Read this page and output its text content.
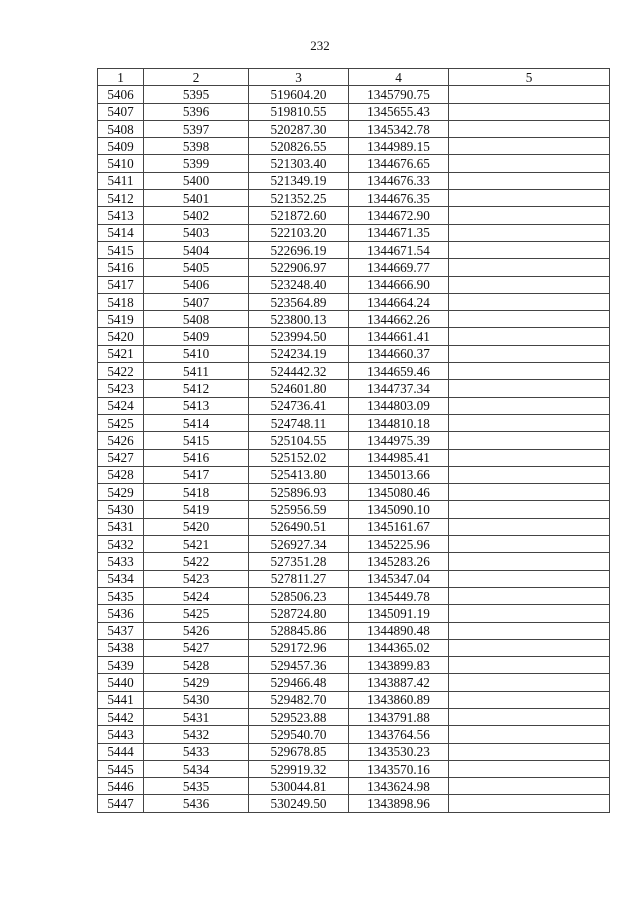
232
1	2	3	4	5
5406	5395	519604.20	1345790.75	
5407	5396	519810.55	1345655.43	
5408	5397	520287.30	1345342.78	
5409	5398	520826.55	1344989.15	
5410	5399	521303.40	1344676.65	
5411	5400	521349.19	1344676.33	
5412	5401	521352.25	1344676.35	
5413	5402	521872.60	1344672.90	
5414	5403	522103.20	1344671.35	
5415	5404	522696.19	1344671.54	
5416	5405	522906.97	1344669.77	
5417	5406	523248.40	1344666.90	
5418	5407	523564.89	1344664.24	
5419	5408	523800.13	1344662.26	
5420	5409	523994.50	1344661.41	
5421	5410	524234.19	1344660.37	
5422	5411	524442.32	1344659.46	
5423	5412	524601.80	1344737.34	
5424	5413	524736.41	1344803.09	
5425	5414	524748.11	1344810.18	
5426	5415	525104.55	1344975.39	
5427	5416	525152.02	1344985.41	
5428	5417	525413.80	1345013.66	
5429	5418	525896.93	1345080.46	
5430	5419	525956.59	1345090.10	
5431	5420	526490.51	1345161.67	
5432	5421	526927.34	1345225.96	
5433	5422	527351.28	1345283.26	
5434	5423	527811.27	1345347.04	
5435	5424	528506.23	1345449.78	
5436	5425	528724.80	1345091.19	
5437	5426	528845.86	1344890.48	
5438	5427	529172.96	1344365.02	
5439	5428	529457.36	1343899.83	
5440	5429	529466.48	1343887.42	
5441	5430	529482.70	1343860.89	
5442	5431	529523.88	1343791.88	
5443	5432	529540.70	1343764.56	
5444	5433	529678.85	1343530.23	
5445	5434	529919.32	1343570.16	
5446	5435	530044.81	1343624.98	
5447	5436	530249.50	1343898.96	
